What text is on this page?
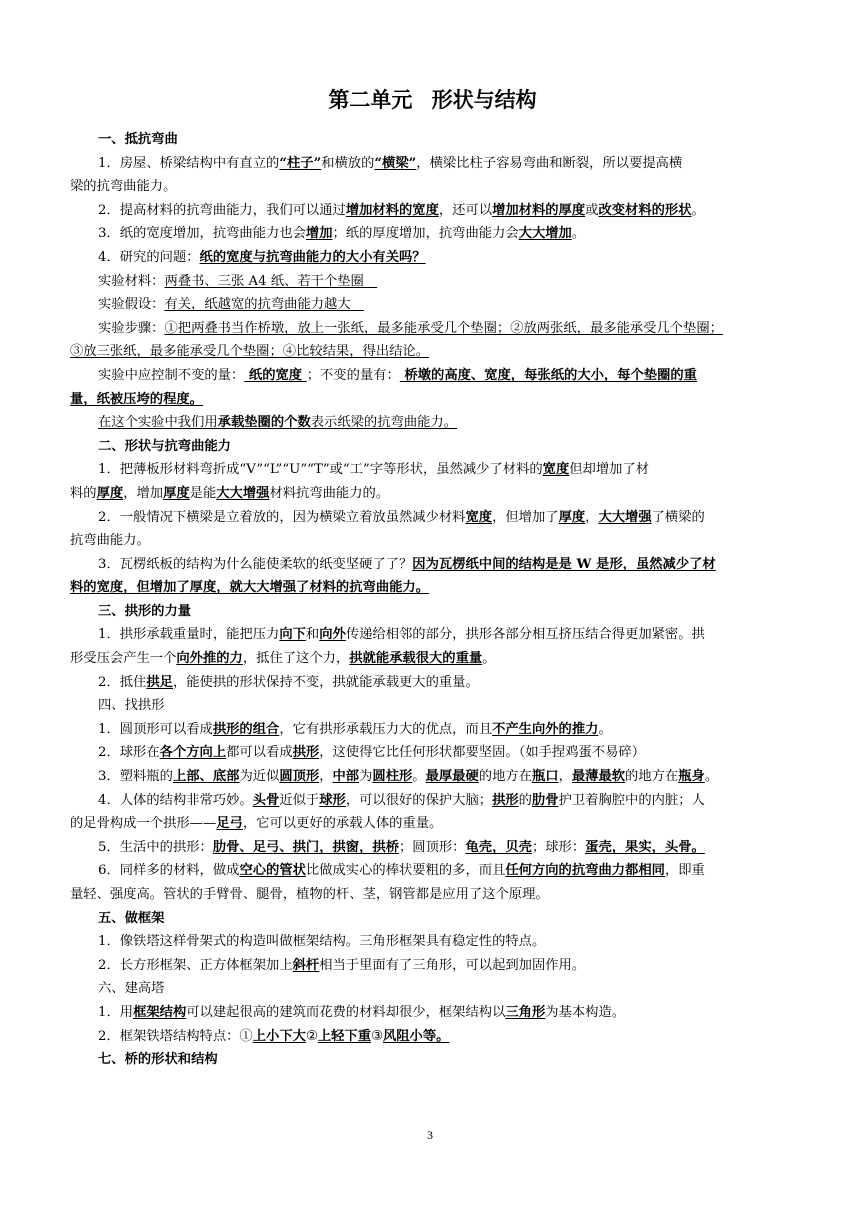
第二单元 形状与结构

一、抵抗弯曲

1．房屋、桥梁结构中有直立的“柱子”和横放的“横梁”，横梁比柱子容易弯曲和断裂，所以要提高横

梁的抗弯曲能力。

2．提高材料的抗弯曲能力，我们可以通过增加材料的宽度，还可以增加材料的厚度或改变材料的形状。

3．纸的宽度增加，抗弯曲能力也会增加；纸的厚度增加，抗弯曲能力会大大增加。

4．研究的问题：纸的宽度与抗弯曲能力的大小有关吗？

实验材料：两叠书、三张 A4 纸、若干个垫圈　

实验假设：有关，纸越宽的抗弯曲能力越大　

实验步骤：①把两叠书当作桥墩，放上一张纸，最多能承受几个垫圈；②放两张纸，最多能承受几个垫圈；

③放三张纸，最多能承受几个垫圈；④比较结果，得出结论。

实验中应控制不变的量： 纸的宽度 ；不变的量有： 桥墩的高度、宽度，每张纸的大小，每个垫圈的重

量，纸被压垮的程度。

在这个实验中我们用承载垫圈的个数表示纸梁的抗弯曲能力。

二、形状与抗弯曲能力

1．把薄板形材料弯折成“V”“L”“U”“T”或“工”字等形状，虽然减少了材料的宽度但却增加了材

料的厚度，增加厚度是能大大增强材料抗弯曲能力的。

2．一般情况下横梁是立着放的，因为横梁立着放虽然减少材料宽度，但增加了厚度，大大增强了横梁的

抗弯曲能力。

3．瓦楞纸板的结构为什么能使柔软的纸变坚硬了了？因为瓦楞纸中间的结构是是 W 是形，虽然减少了材

料的宽度，但增加了厚度，就大大增强了材料的抗弯曲能力。

三、拱形的力量

1．拱形承载重量时，能把压力向下和向外传递给相邻的部分，拱形各部分相互挤压结合得更加紧密。拱

形受压会产生一个向外推的力，抵住了这个力，拱就能承载很大的重量。

2．抵住拱足，能使拱的形状保持不变，拱就能承载更大的重量。

四、找拱形

1．圆顶形可以看成拱形的组合，它有拱形承载压力大的优点，而且不产生向外的推力。

2．球形在各个方向上都可以看成拱形，这使得它比任何形状都要坚固。（如手捏鸡蛋不易碎）

3．塑料瓶的上部、底部为近似圆顶形，中部为圆柱形。最厚最硬的地方在瓶口，最薄最软的地方在瓶身。

4．人体的结构非常巧妙。头骨近似于球形，可以很好的保护大脑；拱形的肋骨护卫着胸腔中的内脏；人

的足骨构成一个拱形——足弓，它可以更好的承载人体的重量。

5．生活中的拱形：肋骨、足弓、拱门，拱窗，拱桥；圆顶形：龟壳，贝壳；球形：蛋壳，果实，头骨。

6．同样多的材料，做成空心的管状比做成实心的棒状要粗的多，而且任何方向的抗弯曲力都相同，即重

量轻、强度高。管状的手臂骨、腿骨，植物的杆、茎，钢管都是应用了这个原理。

五、做框架

1．像铁塔这样骨架式的构造叫做框架结构。三角形框架具有稳定性的特点。

2．长方形框架、正方体框架加上斜杆相当于里面有了三角形，可以起到加固作用。

六、建高塔

1．用框架结构可以建起很高的建筑而花费的材料却很少，框架结构以三角形为基本构造。

2．框架铁塔结构特点：①上小下大②上轻下重③风阻小等。

七、桥的形状和结构

3
